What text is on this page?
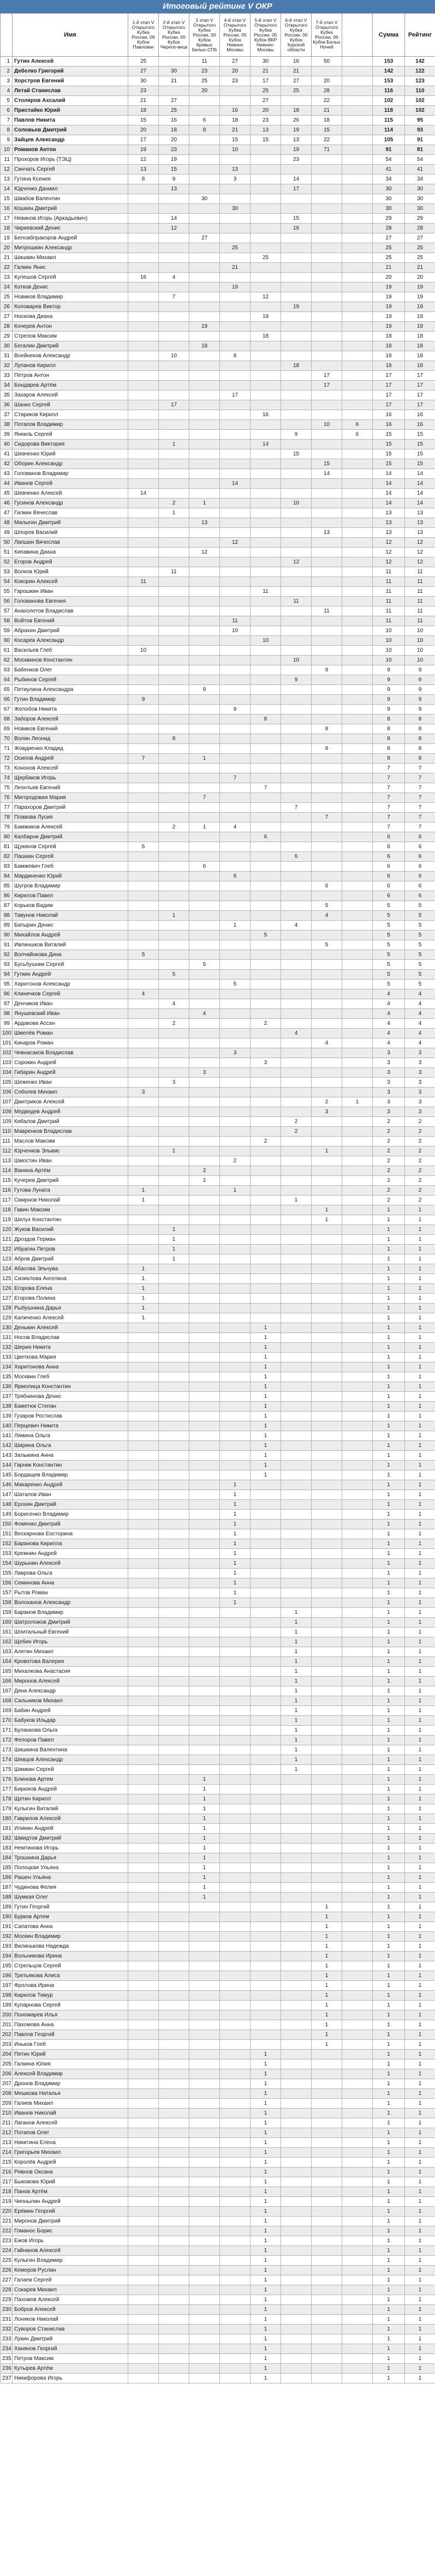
Итоговый рейтинг V ОКР
	Имя	1-й этап V Открытого Кубка России, 09 Кубок Павловки	2-й этап V Открытого Кубка России, 00 Кубок Черепо-вецк	3 этап V Открытого Кубка России, 00 Кубок Кривых Белых-СПб	4-й этап V Открытого Кубка России, 05 Кубок Нижних Москвы	5-й этап V Открытого Кубка России, 05 Кубок ВКР Нижних-Москвы	6-й этап V Открытого Кубка России, 00 Кубок Курской области	7-й этап V Открытого Кубка России, 06 Кубок Белых Ночей		Сумма	Рейтинг
1	Гутин Алексей	25		11	27	30	16	50		153	142
2	Дебелко Григорий	27	30	23	20	21	21			142	122
3	Хорстров Евгений	30	21	25	23	17	27	20		153	123
4	Летай Станислав	23		20		25	25	28		116	110
5	Столяров Ахсалий	21	27			27		22		102	102
6	Пристайко Юрий	18	25		16	20	18	21		118	102
7	Павлов Никита	15	16	6	18	23	26	18		115	95
8	Соловьев Дмитрий	20	18	8	21	13	19	15		114	93
9	Зайцев Александр	17	20		15	15	13	22		105	91
10	Романов Антон	19	23		10		19	71		91	81
11	Прохоров Игорь (ТЭЦ)	12	19				23			54	54
12	Синчать Сергей	13	15		13					41	41
13	Гутина Ксения	8	9		3		14			34	34
14	Юдченко Даниил		13				17			30	30
15	Швабов Валентин			30						30	30
16	Кошкин Дмитрий				30					30	30
17	Невинов Игорь (Аркадьевич)		14				15			29	29
18	Чиркевский Денис		12				16			28	28
19	Белоабпракоров Андрей			27						27	27
20	Митрошкин Александр				25					25	25
21	Шишкин Михаил					25				25	25
22	Галкин Янис				21					21	21
23	Кулешов Сергей	16	4							20	20
24	Котков Денис				19					19	19
25	Новиков Владимир		7			12				19	19
26	Коловарев Виктор						19			19	19
27	Носкова Диана					19				19	19
28	Кочерев Антон			19						19	19
29	Стрелов Максим					18				18	18
30	Бегалин Дмитрий			18						18	18
31	Воейнеков Александр		10		8					18	18
32	Лупанов Кирилл						18			18	18
33	Петров Антон							17		17	17
34	Бондарев Артём							17		17	17
35	Захаров Алексей				17					17	17
36	Шанко Сергей		17							17	17
37	Стариков Кирилл					16				16	16
38	Потапов Владимир							10	6	16	16
39	Янкиль Сергей						9		6	15	15
40	Сидорова Виктория		1			14				15	15
41	Шевченко Юрий						15			15	15
42	Оборин Александр							15		15	15
43	Голованов Владимир							14		14	14
44	Иванов Сергей				14					14	14
45	Шевченко Алексей	14								14	14
46	Гусинов Александр		2	1			10			14	14
47	Гилкин Вячеслав		1							13	13
48	Малыгин Дмитрий			13						13	13
49	Шпорев Василий							13		13	13
50	Лапшин Вячеслав				12					12	12
51	Кипавина Диана			12						12	12
52	Егоров Андрей						12			12	12
53	Волков Юрий		11							11	11
54	Кокорин Алексей	11								11	11
55	Гарошкин Иван					11				11	11
56	Голованова Евгения						11			11	11
57	Анахолетов Владислав							11		11	11
58	Войтов Евгений				11					11	11
59	Абрахин Дмитрий				10					10	10
60	Косарев Александр					10				10	10
61	Васильев Глеб	10								10	10
62	Москвинов Константин						10			10	10
63	Бабенков Олег							9		9	9
64	Рыбинов Сергей						9			9	9
65	Петиулина Александра			9						9	9
66	Гутин Владимир	9								9	9
67	Желобов Никита				9					9	9
68	Заборов Алексей					8				8	8
69	Новиков Евгений							8		8	8
70	Волин Леонид		8							8	8
71	Жовдиенко Кладид							8		8	8
72	Осипов Андрей	7		1						8	8
73	Кононов Алексей									7	7
74	Щербаков Игорь				7					7	7
75	Леонтьев Евгений					7				7	7
76	Мигородовая Мария			7						7	7
77	Парахоров Дмитрий						7			7	7
78	Плавова Лусия							7		7	7
79	Бамжиков Алексей		2	1	4					7	7
80	Калбарни Дмитрий					6				6	6
81	Щукинов Сергей	6								6	6
82	Пашкин Сергей						6			6	6
83	Бамжевич Глеб			6						6	6
84	Мардиненко Юрий				6					6	6
85	Шугров Владимир							6		6	6
86	Кирилов Павел									6	6
87	Корьков Вадим							5		5	5
88	Тавунов Николай		1					4		5	5
89	Батырин Денис				1		4			5	5
90	Михайлов Андрей					5				5	5
91	Ивлиншков Виталий							5		5	5
92	Волчайнкова Дина	5								5	5
93	Бусьбушник Сергей			5						5	5
94	Гуткин Андрей		5							5	5
95	Харитонов Александр				5					5	5
96	Клинечков Сергей	4								4	4
97	Денчиков Иван		4							4	4
98	Янушевский Иван			4						4	4
99	Ардакова Ассан		2			2				4	4
100	Шмелёв Роман						4			4	4
101	Кинаров Роман							4		4	4
102	Чевнасаков Владислав				3					3	3
103	Сорокин Андрей					3				3	3
104	Гибарин Андрей			3						3	3
105	Шеженко Иван		3							3	3
106	Соболев Михаил	3								3	3
107	Дмитриков Алексей							2	1	3	3
108	Медведев Андрей							3		3	3
109	Кибалов Дмитрий						2			2	2
110	Мавренков Владислав						2			2	2
111	Маслов Максим					2				2	2
112	Юрченков Эльвис		1					1		2	2
113	Шмостин Иван				2					2	2
114	Ванина Артём			2						2	2
115	Кучерев Дмитрий			2						2	2
116	Гутова Луната	1			1					2	2
117	Смирнов Николай	1					1			2	2
118	Гавин Максим							1		1	1
119	Шелух Константин							1		1	1
120	Жуков Василий		1							1	1
121	Дроздов Герман		1							1	1
122	Ибрагин Петров		1							1	1
123	Абров Дмитрий		1							1	1
124	Абасова Эльчува	1								1	1
125	Сизиклова Ангелина	1								1	1
126	Егорова Елена	1								1	1
127	Егорова Полина	1								1	1
128	Рыбушнина Дарья	1								1	1
129	Каличенко Алексей	1								1	1
130	Денькин Алексей					1				1	1
131	Носов Владислав					1				1	1
132	Шерия Никита					1				1	1
133	Цветкова Мария					1				1	1
134	Харитонова Анна					1				1	1
135	Москвин Глеб					1				1	1
136	Ярмолица Константин					1				1	1
137	Трябнинова Денис					1				1	1
138	Бажетюк Степан					1				1	1
139	Гузаров Ростислав					1				1	1
140	Перцевич Никита					1				1	1
141	Лямина Ольга					1				1	1
142	Ширина Ольга					1				1	1
143	Залыкина Анна					1				1	1
144	Гарник Константин					1				1	1
145	Бордащев Владимир					1				1	1
146	Макаренко Андрей				1					1	1
147	Шаталов Иван				1					1	1
148	Ерохин Дмитрий				1					1	1
149	Борисенко Владимир				1					1	1
150	Фоменко Дмитрий				1					1	1
151	Вескарнова Еосторина				1					1	1
152	Баранова Кирилла				1					1	1
153	Кремнин Андрей				1					1	1
154	Шурынин Алексей				1					1	1
155	Лаврова Ольга				1					1	1
156	Семинова Анна				1					1	1
157	Рытов Роман				1					1	1
158	Волоханов Александр				1					1	1
159	Баранов Владимир						1			1	1
160	Шатроложов Дмитрий						1			1	1
161	Шпитальный Евгений						1			1	1
162	Щебин Игорь						1			1	1
163	Алетин Михаил						1			1	1
164	Кровотова Валерия						1			1	1
165	Михалкова Анастасия						1			1	1
166	Миронов Алексей						1			1	1
167	Дяна Александр						1			1	1
168	Сальников Михаил						1			1	1
169	Бабин Андрей						1			1	1
170	Бабуков Ильдар						1			1	1
171	Буланкова Ольга						1			1	1
172	Фелоров Павел						1			1	1
173	Шишкина Валентина						1			1	1
174	Шевцов Александр						1			1	1
175	Шимкин Сергей						1			1	1
176	Блинова Артем			1						1	1
177	Бирюков Андрей			1						1	1
178	Щетин Кирилл			1						1	1
179	Кулыгин Виталий			1						1	1
180	Гаврилов Алексей			1						1	1
181	Иликин Андрей			1						1	1
182	Шмидтов Дмитрий			1						1	1
183	Немтинова Игорь			1						1	1
184	Трошкина Дарья			1						1	1
185	Полоцкая Ульяна			1						1	1
186	Рашен Ульяна			1						1	1
187	Чудинова Фелия			1						1	1
188	Шумкая Олег			1						1	1
189	Гутин Георгий							1		1	1
190	Бурков Артем							1		1	1
191	Сапатова Анна							1		1	1
192	Москин Владимир							1		1	1
193	Вилинькова Надежда							1		1	1
194	Вольникова Ирина							1		1	1
195	Стрельцов Сергей							1		1	1
196	Третьякова Алиса							1		1	1
197	Фролова Ирина							1		1	1
198	Кирилов Тимур							1		1	1
199	Купарнова Сергей							1		1	1
200	Пономарев Илья							1		1	1
201	Пахомова Анна							1		1	1
202	Павлов Георгий							1		1	1
203	Иньков Глеб							1		1	1
204	Петин Юрий					1				1	1
205	Галкина Юлия					1				1	1
206	Алексей Владимир					1				1	1
207	Дронов Владимир					1				1	1
208	Мешкова Наталья					1				1	1
209	Галиев Михаил					1				1	1
210	Иванов Николай					1				1	1
211	Лаганов Алексей					1				1	1
212	Потапов Олег					1				1	1
213	Никитина Елена					1				1	1
214	Григорьев Михаил					1				1	1
215	Королёв Андрей					1				1	1
216	Ривнов Оксана					1				1	1
217	Быковова Юрий					1				1	1
218	Панов Артём					1				1	1
219	Чипнылин Андрей					1				1	1
220	Ерёмин Георгий					1				1	1
221	Миронов Дмитрий					1				1	1
222	Гоманос Борис					1				1	1
223	Ежов Игорь					1				1	1
224	Гайнанов Алексей					1				1	1
225	Кулыгин Владимир					1				1	1
226	Кемеров Руслан					1				1	1
227	Галаев Сергей					1				1	1
228	Сокарев Михаил					1				1	1
229	Пахомов Алексей					1				1	1
230	Бобров Алексей					1				1	1
231	Лоняков Николай					1				1	1
232	Суворов Станислав					1				1	1
233	Лукин Дмитрий					1				1	1
234	Ханянов Георгий					1				1	1
235	Петров Максим					1				1	1
236	Кутырев Артём					1				1	1
237	Никифорова Игорь					1				1	1
